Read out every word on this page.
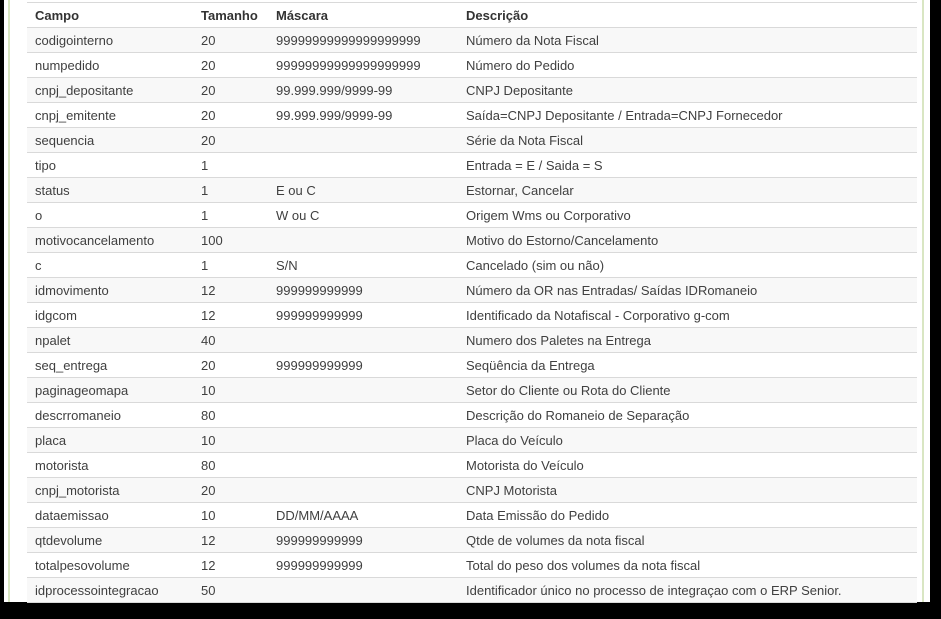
Campo	Tamanho	Máscara	Descrição
codigointerno	20	99999999999999999999	Número da Nota Fiscal
numpedido	20	99999999999999999999	Número do Pedido
cnpj_depositante	20	99.999.999/9999-99	CNPJ Depositante
cnpj_emitente	20	99.999.999/9999-99	Saída=CNPJ Depositante / Entrada=CNPJ Fornecedor
sequencia	20		Série da Nota Fiscal
tipo	1		Entrada = E / Saida = S
status	1	E ou C	Estornar, Cancelar
o	1	W ou C	Origem Wms ou Corporativo
motivocancelamento	100		Motivo do Estorno/Cancelamento
c	1	S/N	Cancelado (sim ou não)
idmovimento	12	999999999999	Número da OR nas Entradas/ Saídas IDRomaneio
idgcom	12	999999999999	Identificado da Notafiscal - Corporativo g-com
npalet	40		Numero dos Paletes na Entrega
seq_entrega	20	999999999999	Seqüência da Entrega
paginageomapa	10		Setor do Cliente ou Rota do Cliente
descrromaneio	80		Descrição do Romaneio de Separação
placa	10		Placa do Veículo
motorista	80		Motorista do Veículo
cnpj_motorista	20		CNPJ Motorista
dataemissao	10	DD/MM/AAAA	Data Emissão do Pedido
qtdevolume	12	999999999999	Qtde de volumes da nota fiscal
totalpesovolume	12	999999999999	Total do peso dos volumes da nota fiscal
idprocessointegracao	50		Identificador único no processo de integraçao com o ERP Senior.
